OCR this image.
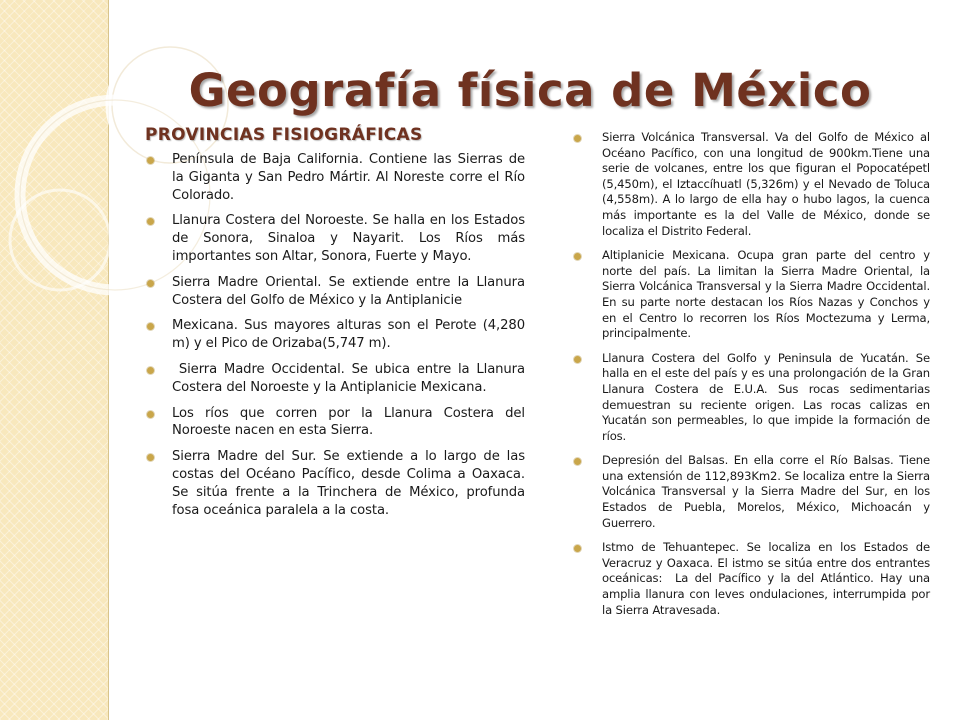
Geografía física de México
PROVINCIAS FISIOGRÁFICAS
Península de Baja California. Contiene las Sierras de la Giganta y San Pedro Mártir. Al Noreste corre el Río Colorado.
Llanura Costera del Noroeste. Se halla en los Estados de Sonora, Sinaloa y Nayarit. Los Ríos más importantes son Altar, Sonora, Fuerte y Mayo.
Sierra Madre Oriental. Se extiende entre la Llanura Costera del Golfo de México y la Antiplanicie
Mexicana. Sus mayores alturas son el Perote (4,280 m) y el Pico de Orizaba(5,747 m).
Sierra Madre Occidental. Se ubica entre la Llanura Costera del Noroeste y la Antiplanicie Mexicana.
Los ríos que corren por la Llanura Costera del Noroeste nacen en esta Sierra.
Sierra Madre del Sur. Se extiende a lo largo de las costas del Océano Pacífico, desde Colima a Oaxaca. Se sitúa frente a la Trinchera de México, profunda fosa oceánica paralela a la costa.
Sierra Volcánica Transversal. Va del Golfo de México al Océano Pacífico, con una longitud de 900km.Tiene una serie de volcanes, entre los que figuran el Popocatépetl (5,450m), el Iztaccíhuatl (5,326m) y el Nevado de Toluca (4,558m). A lo largo de ella hay o hubo lagos, la cuenca más importante es la del Valle de México, donde se localiza el Distrito Federal.
Altiplanicie Mexicana. Ocupa gran parte del centro y norte del país. La limitan la Sierra Madre Oriental, la Sierra Volcánica Transversal y la Sierra Madre Occidental. En su parte norte destacan los Ríos Nazas y Conchos y en el Centro lo recorren los Ríos Moctezuma y Lerma, principalmente.
Llanura Costera del Golfo y Peninsula de Yucatán. Se halla en el este del país y es una prolongación de la Gran Llanura Costera de E.U.A. Sus rocas sedimentarias demuestran su reciente origen. Las rocas calizas en Yucatán son permeables, lo que impide la formación de ríos.
Depresión del Balsas. En ella corre el Río Balsas. Tiene una extensión de 112,893Km2. Se localiza entre la Sierra Volcánica Transversal y la Sierra Madre del Sur, en los Estados de Puebla, Morelos, México, Michoacán y Guerrero.
Istmo de Tehuantepec. Se localiza en los Estados de Veracruz y Oaxaca. El istmo se sitúa entre dos entrantes oceánicas:  La del Pacífico y la del Atlántico. Hay una amplia llanura con leves ondulaciones, interrumpida por la Sierra Atravesada.
